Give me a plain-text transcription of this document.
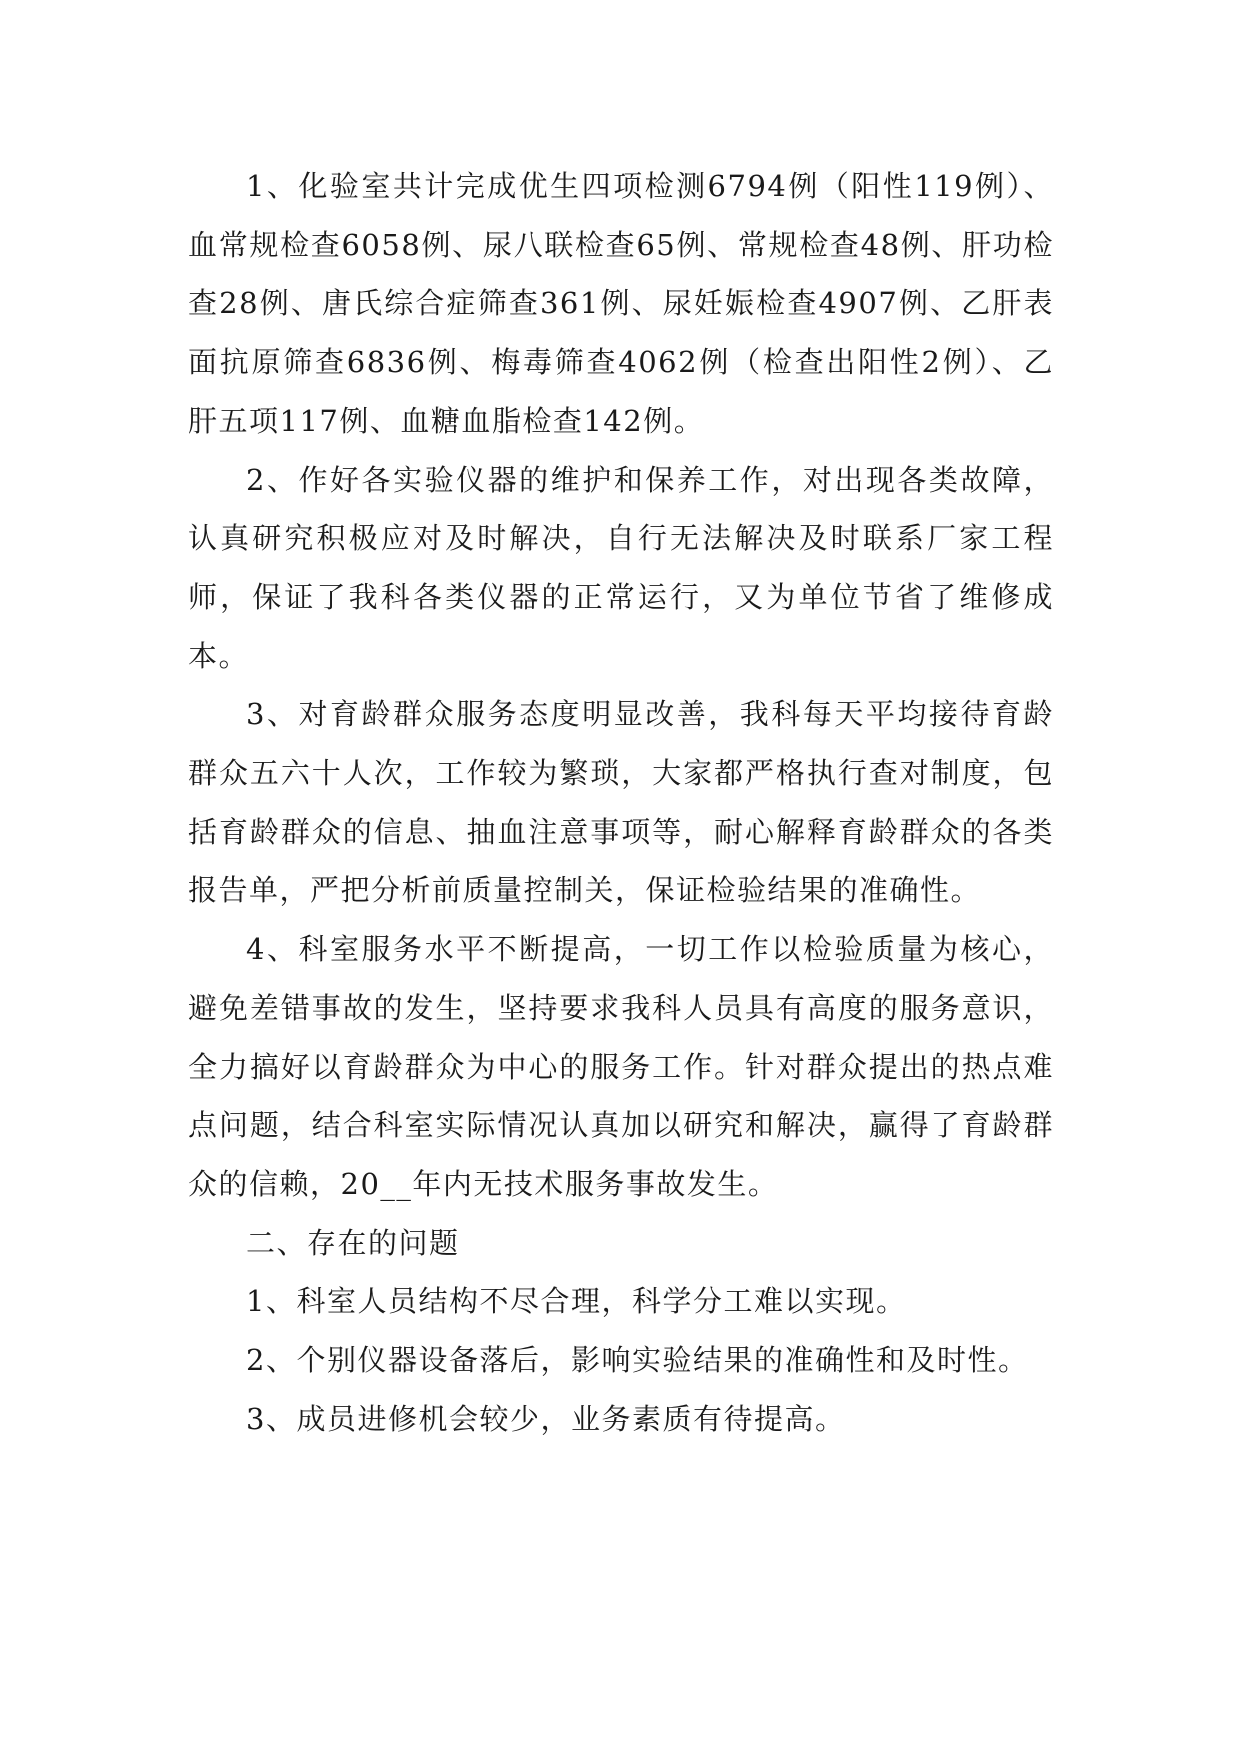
1、化验室共计完成优生四项检测6794例（阳性119例）、血常规检查6058例、尿八联检查65例、常规检查48例、肝功检查28例、唐氏综合症筛查361例、尿妊娠检查4907例、乙肝表面抗原筛查6836例、梅毒筛查4062例（检查出阳性2例）、乙肝五项117例、血糖血脂检查142例。

2、作好各实验仪器的维护和保养工作，对出现各类故障，认真研究积极应对及时解决，自行无法解决及时联系厂家工程师，保证了我科各类仪器的正常运行，又为单位节省了维修成本。

3、对育龄群众服务态度明显改善，我科每天平均接待育龄群众五六十人次，工作较为繁琐，大家都严格执行查对制度，包括育龄群众的信息、抽血注意事项等，耐心解释育龄群众的各类报告单，严把分析前质量控制关，保证检验结果的准确性。

4、科室服务水平不断提高，一切工作以检验质量为核心，避免差错事故的发生，坚持要求我科人员具有高度的服务意识，全力搞好以育龄群众为中心的服务工作。针对群众提出的热点难点问题，结合科室实际情况认真加以研究和解决，赢得了育龄群众的信赖，20__年内无技术服务事故发生。

二、存在的问题

1、科室人员结构不尽合理，科学分工难以实现。

2、个别仪器设备落后，影响实验结果的准确性和及时性。

3、成员进修机会较少，业务素质有待提高。
